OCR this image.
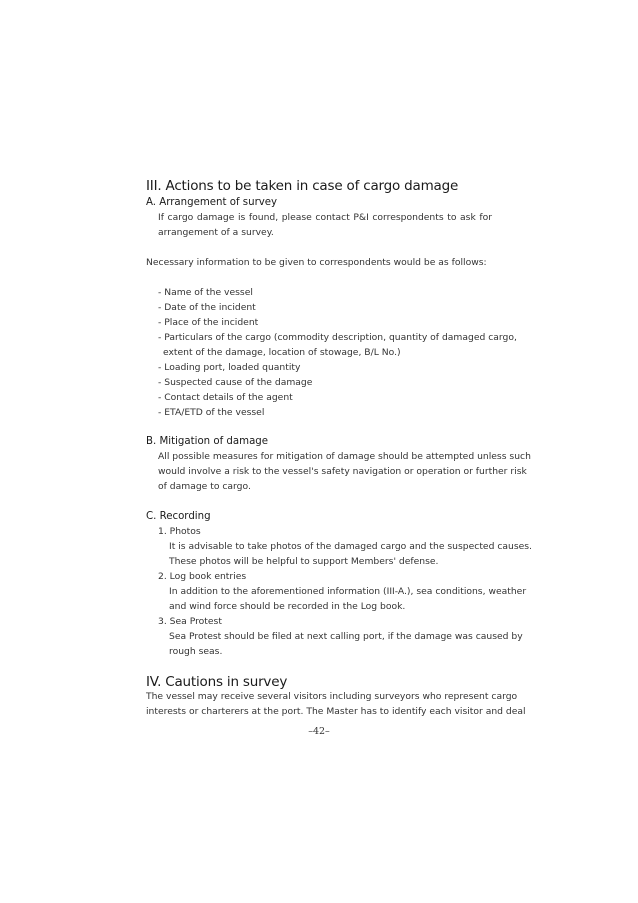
III. Actions to be taken in case of cargo damage
A. Arrangement of survey
If cargo damage is found, please contact P&I correspondents to ask for
arrangement of a survey.
Necessary information to be given to correspondents would be as follows:
- Name of the vessel
- Date of the incident
- Place of the incident
- Particulars of the cargo (commodity description, quantity of damaged cargo,
extent of the damage, location of stowage, B/L No.)
- Loading port, loaded quantity
- Suspected cause of the damage
- Contact details of the agent
- ETA/ETD of the vessel
B. Mitigation of damage
All possible measures for mitigation of damage should be attempted unless such
would involve a risk to the vessel's safety navigation or operation or further risk
of damage to cargo.
C. Recording
1. Photos
It is advisable to take photos of the damaged cargo and the suspected causes.
These photos will be helpful to support Members' defense.
2. Log book entries
In addition to the aforementioned information (III-A.), sea conditions, weather
and wind force should be recorded in the Log book.
3. Sea Protest
Sea Protest should be filed at next calling port, if the damage was caused by
rough seas.
IV. Cautions in survey
The vessel may receive several visitors including surveyors who represent cargo
interests or charterers at the port. The Master has to identify each visitor and deal
–42–
